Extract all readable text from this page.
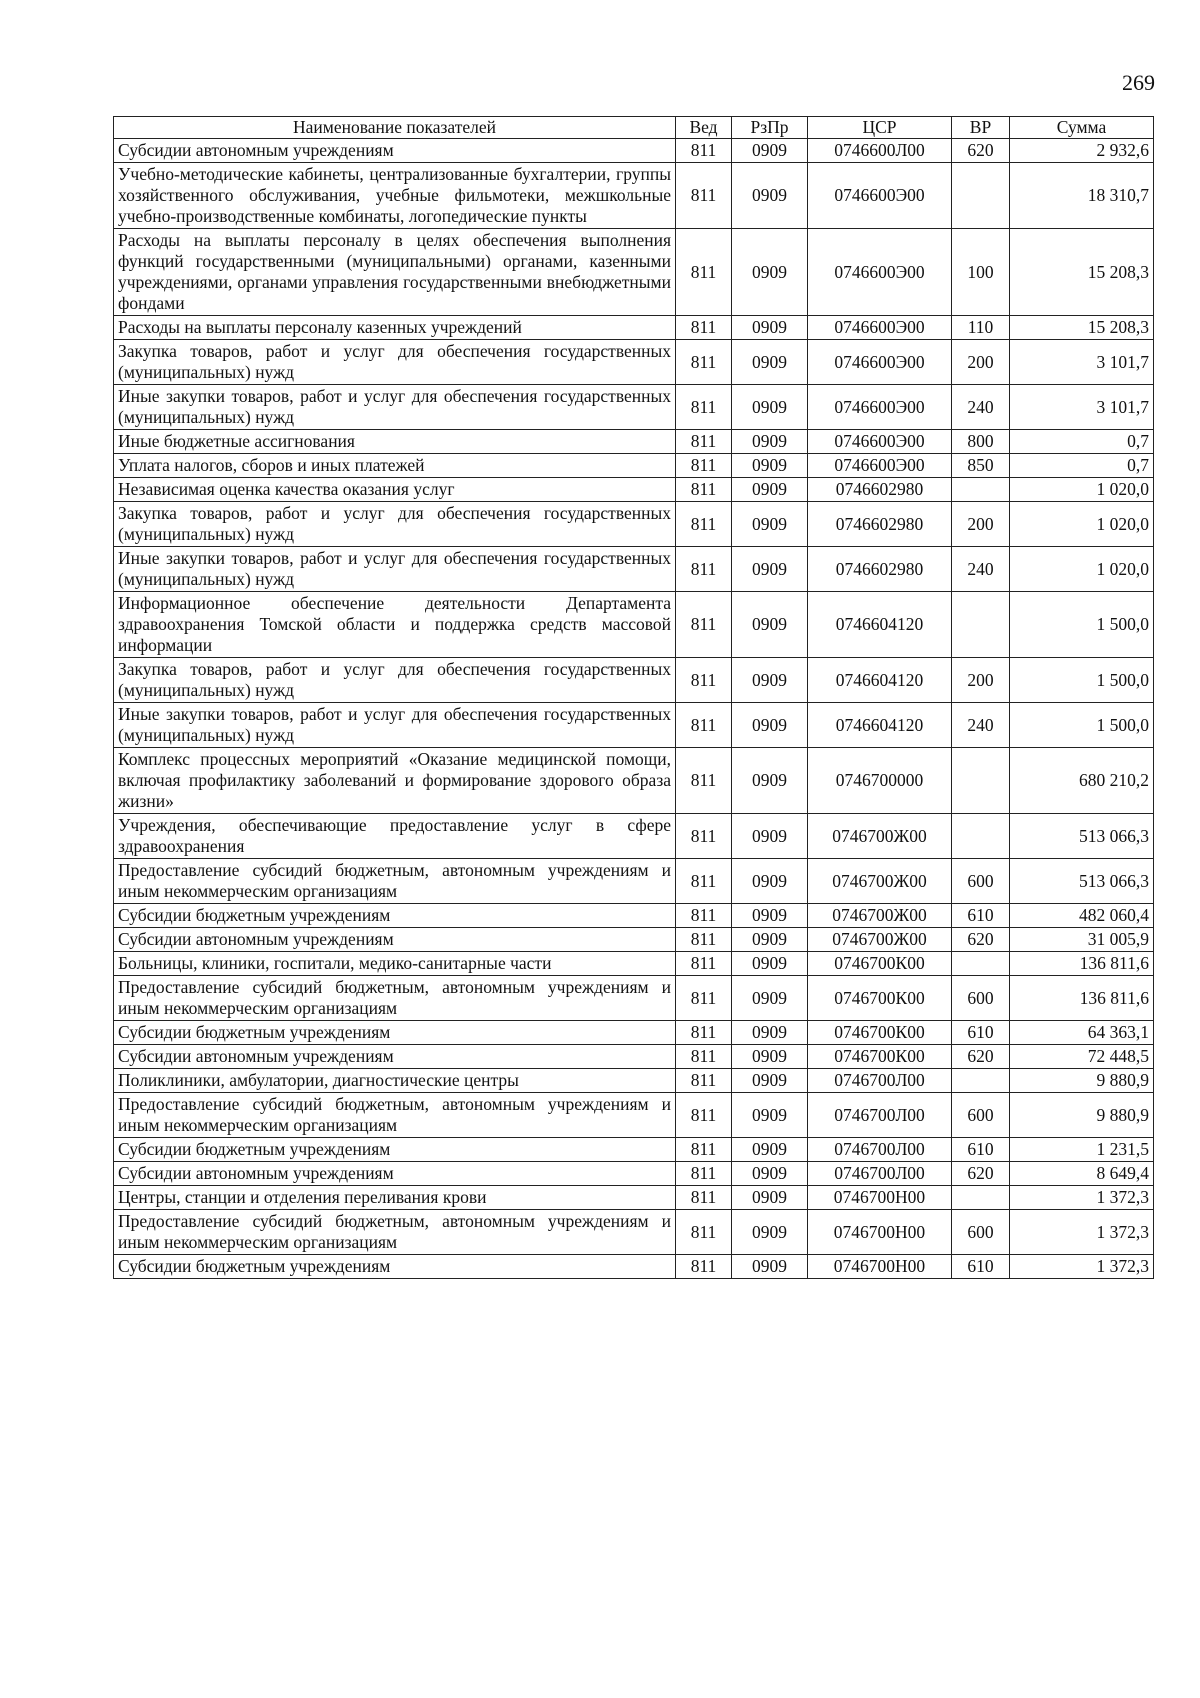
269
Наименование показателей	Вед	РзПр	ЦСР	ВР	Сумма
Субсидии автономным учреждениям	811	0909	0746600Л00	620	2 932,6
Учебно-методические кабинеты, централизованные бухгалтерии, группы хозяйственного обслуживания, учебные фильмотеки, межшкольные учебно-производственные комбинаты, логопедические пункты	811	0909	0746600Э00		18 310,7
Расходы на выплаты персоналу в целях обеспечения выполнения функций государственными (муниципальными) органами, казенными учреждениями, органами управления государственными внебюджетными фондами	811	0909	0746600Э00	100	15 208,3
Расходы на выплаты персоналу казенных учреждений	811	0909	0746600Э00	110	15 208,3
Закупка товаров, работ и услуг для обеспечения государственных (муниципальных) нужд	811	0909	0746600Э00	200	3 101,7
Иные закупки товаров, работ и услуг для обеспечения государственных (муниципальных) нужд	811	0909	0746600Э00	240	3 101,7
Иные бюджетные ассигнования	811	0909	0746600Э00	800	0,7
Уплата налогов, сборов и иных платежей	811	0909	0746600Э00	850	0,7
Независимая оценка качества оказания услуг	811	0909	0746602980		1 020,0
Закупка товаров, работ и услуг для обеспечения государственных (муниципальных) нужд	811	0909	0746602980	200	1 020,0
Иные закупки товаров, работ и услуг для обеспечения государственных (муниципальных) нужд	811	0909	0746602980	240	1 020,0
Информационное обеспечение деятельности Департамента здравоохранения Томской области и поддержка средств массовой информации	811	0909	0746604120		1 500,0
Закупка товаров, работ и услуг для обеспечения государственных (муниципальных) нужд	811	0909	0746604120	200	1 500,0
Иные закупки товаров, работ и услуг для обеспечения государственных (муниципальных) нужд	811	0909	0746604120	240	1 500,0
Комплекс процессных мероприятий «Оказание медицинской помощи, включая профилактику заболеваний и формирование здорового образа жизни»	811	0909	0746700000		680 210,2
Учреждения, обеспечивающие предоставление услуг в сфере здравоохранения	811	0909	0746700Ж00		513 066,3
Предоставление субсидий бюджетным, автономным учреждениям и иным некоммерческим организациям	811	0909	0746700Ж00	600	513 066,3
Субсидии бюджетным учреждениям	811	0909	0746700Ж00	610	482 060,4
Субсидии автономным учреждениям	811	0909	0746700Ж00	620	31 005,9
Больницы, клиники, госпитали, медико-санитарные части	811	0909	0746700К00		136 811,6
Предоставление субсидий бюджетным, автономным учреждениям и иным некоммерческим организациям	811	0909	0746700К00	600	136 811,6
Субсидии бюджетным учреждениям	811	0909	0746700К00	610	64 363,1
Субсидии автономным учреждениям	811	0909	0746700К00	620	72 448,5
Поликлиники, амбулатории, диагностические центры	811	0909	0746700Л00		9 880,9
Предоставление субсидий бюджетным, автономным учреждениям и иным некоммерческим организациям	811	0909	0746700Л00	600	9 880,9
Субсидии бюджетным учреждениям	811	0909	0746700Л00	610	1 231,5
Субсидии автономным учреждениям	811	0909	0746700Л00	620	8 649,4
Центры, станции и отделения переливания крови	811	0909	0746700Н00		1 372,3
Предоставление субсидий бюджетным, автономным учреждениям и иным некоммерческим организациям	811	0909	0746700Н00	600	1 372,3
Субсидии бюджетным учреждениям	811	0909	0746700Н00	610	1 372,3
